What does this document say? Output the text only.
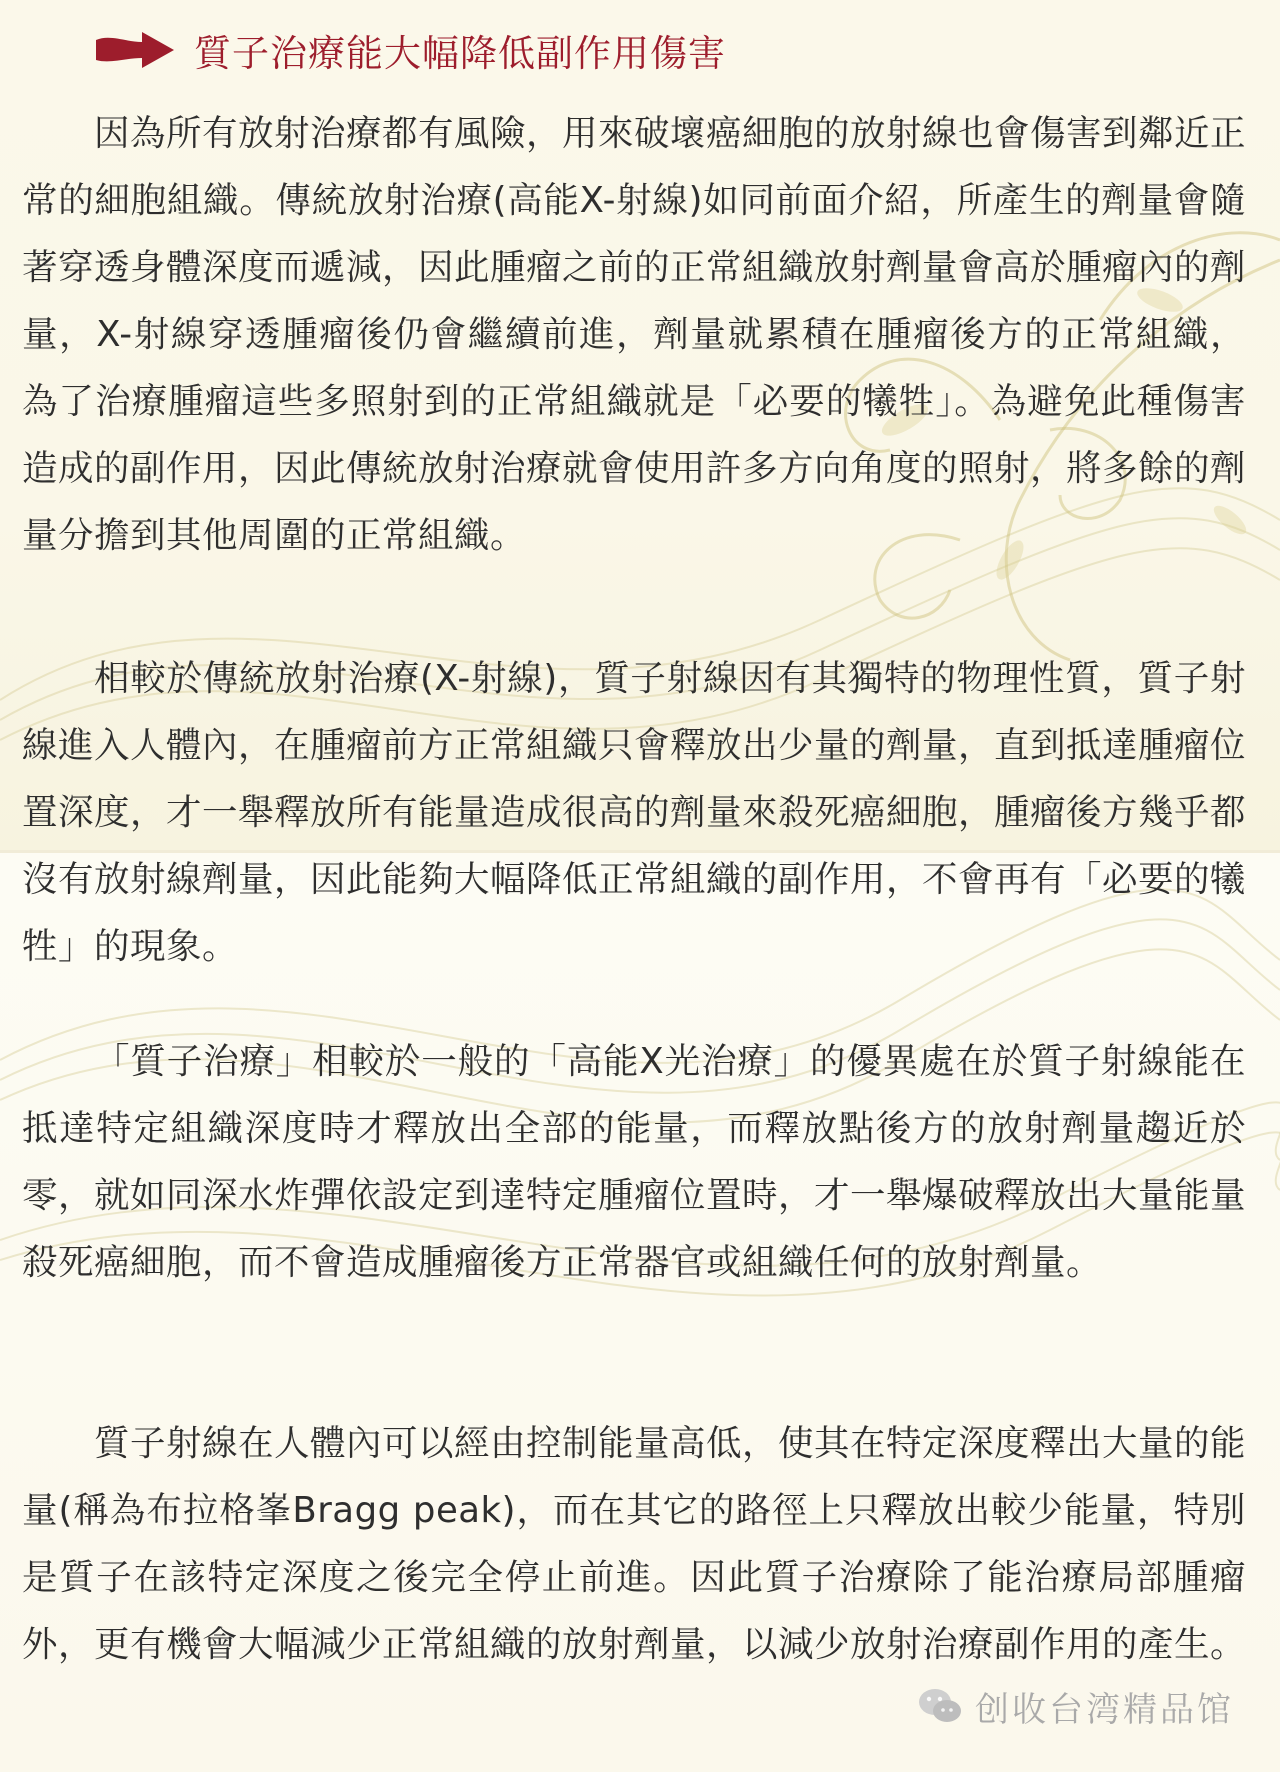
質子治療能大幅降低副作用傷害

因為所有放射治療都有風險，用來破壞癌細胞的放射線也會傷害到鄰近正常的細胞組織。傳統放射治療(高能X-射線)如同前面介紹，所產生的劑量會隨著穿透身體深度而遞減，因此腫瘤之前的正常組織放射劑量會高於腫瘤內的劑量，X-射線穿透腫瘤後仍會繼續前進，劑量就累積在腫瘤後方的正常組織，為了治療腫瘤這些多照射到的正常組織就是「必要的犧牲」。為避免此種傷害造成的副作用，因此傳統放射治療就會使用許多方向角度的照射，將多餘的劑量分擔到其他周圍的正常組織。

相較於傳統放射治療(X-射線)，質子射線因有其獨特的物理性質，質子射線進入人體內，在腫瘤前方正常組織只會釋放出少量的劑量，直到抵達腫瘤位置深度，才一舉釋放所有能量造成很高的劑量來殺死癌細胞，腫瘤後方幾乎都沒有放射線劑量，因此能夠大幅降低正常組織的副作用，不會再有「必要的犧牲」的現象。

「質子治療」相較於一般的「高能X光治療」的優異處在於質子射線能在抵達特定組織深度時才釋放出全部的能量，而釋放點後方的放射劑量趨近於零，就如同深水炸彈依設定到達特定腫瘤位置時，才一舉爆破釋放出大量能量殺死癌細胞，而不會造成腫瘤後方正常器官或組織任何的放射劑量。

質子射線在人體內可以經由控制能量高低，使其在特定深度釋出大量的能量(稱為布拉格峯Bragg peak)，而在其它的路徑上只釋放出較少能量，特別是質子在該特定深度之後完全停止前進。因此質子治療除了能治療局部腫瘤外，更有機會大幅減少正常組織的放射劑量，以減少放射治療副作用的產生。

创收台湾精品馆
